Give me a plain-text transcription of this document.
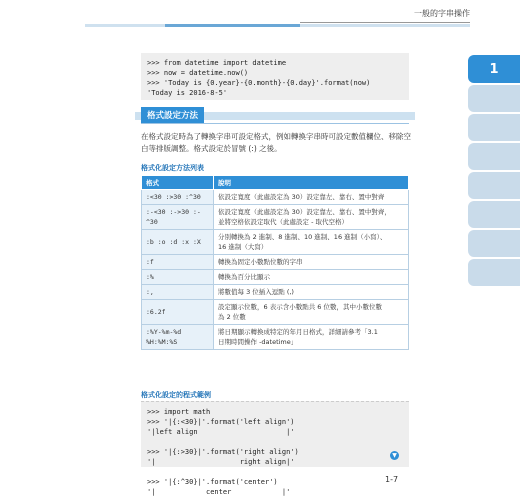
一般的字串操作
1
>>> from datetime import datetime
>>> now = datetime.now()
>>> 'Today is {0.year}-{0.month}-{0.day}'.format(now)
'Today is 2016-8-5'
格式設定方法
在格式設定時為了轉換字串可設定格式，例如轉換字串時可設定數值欄位、移除空白等排版調整。格式設定於冒號 (:) 之後。
格式化設定方法列表
格式	說明
:<30 :>30 :^30	依設定寬度（此處設定為 30）設定靠左、靠右、置中對齊
:-<30 :->30 :-^30	依設定寬度（此處設定為 30）設定靠左、靠右、置中對齊，
並將空格依設定取代（此處設定 - 取代空格）
:b :o :d :x :X	分別轉換為 2 進制、8 進制、10 進制、16 進制（小寫）、
16 進制（大寫）
:f	轉換為固定小數點位數的字串
:%	轉換為百分比顯示
:,	將數值每 3 位插入逗點 (,)
:6.2f	設定顯示位數，6 表示含小數點共 6 位數，其中小數位數
為 2 位數
:%Y-%m-%d
%H:%M:%S	將日期顯示轉換成特定的年月日格式，詳細請參考「3.1
日期時間操作 -datetime」
格式化設定的程式範例
>>> import math
>>> '|{:<30}|'.format('left align')
'|left align                     |'
>>> '|{:>30}|'.format('right align')
'|                    right align|'
>>> '|{:^30}|'.format('center')
'|            center            |'
▼
1-7
